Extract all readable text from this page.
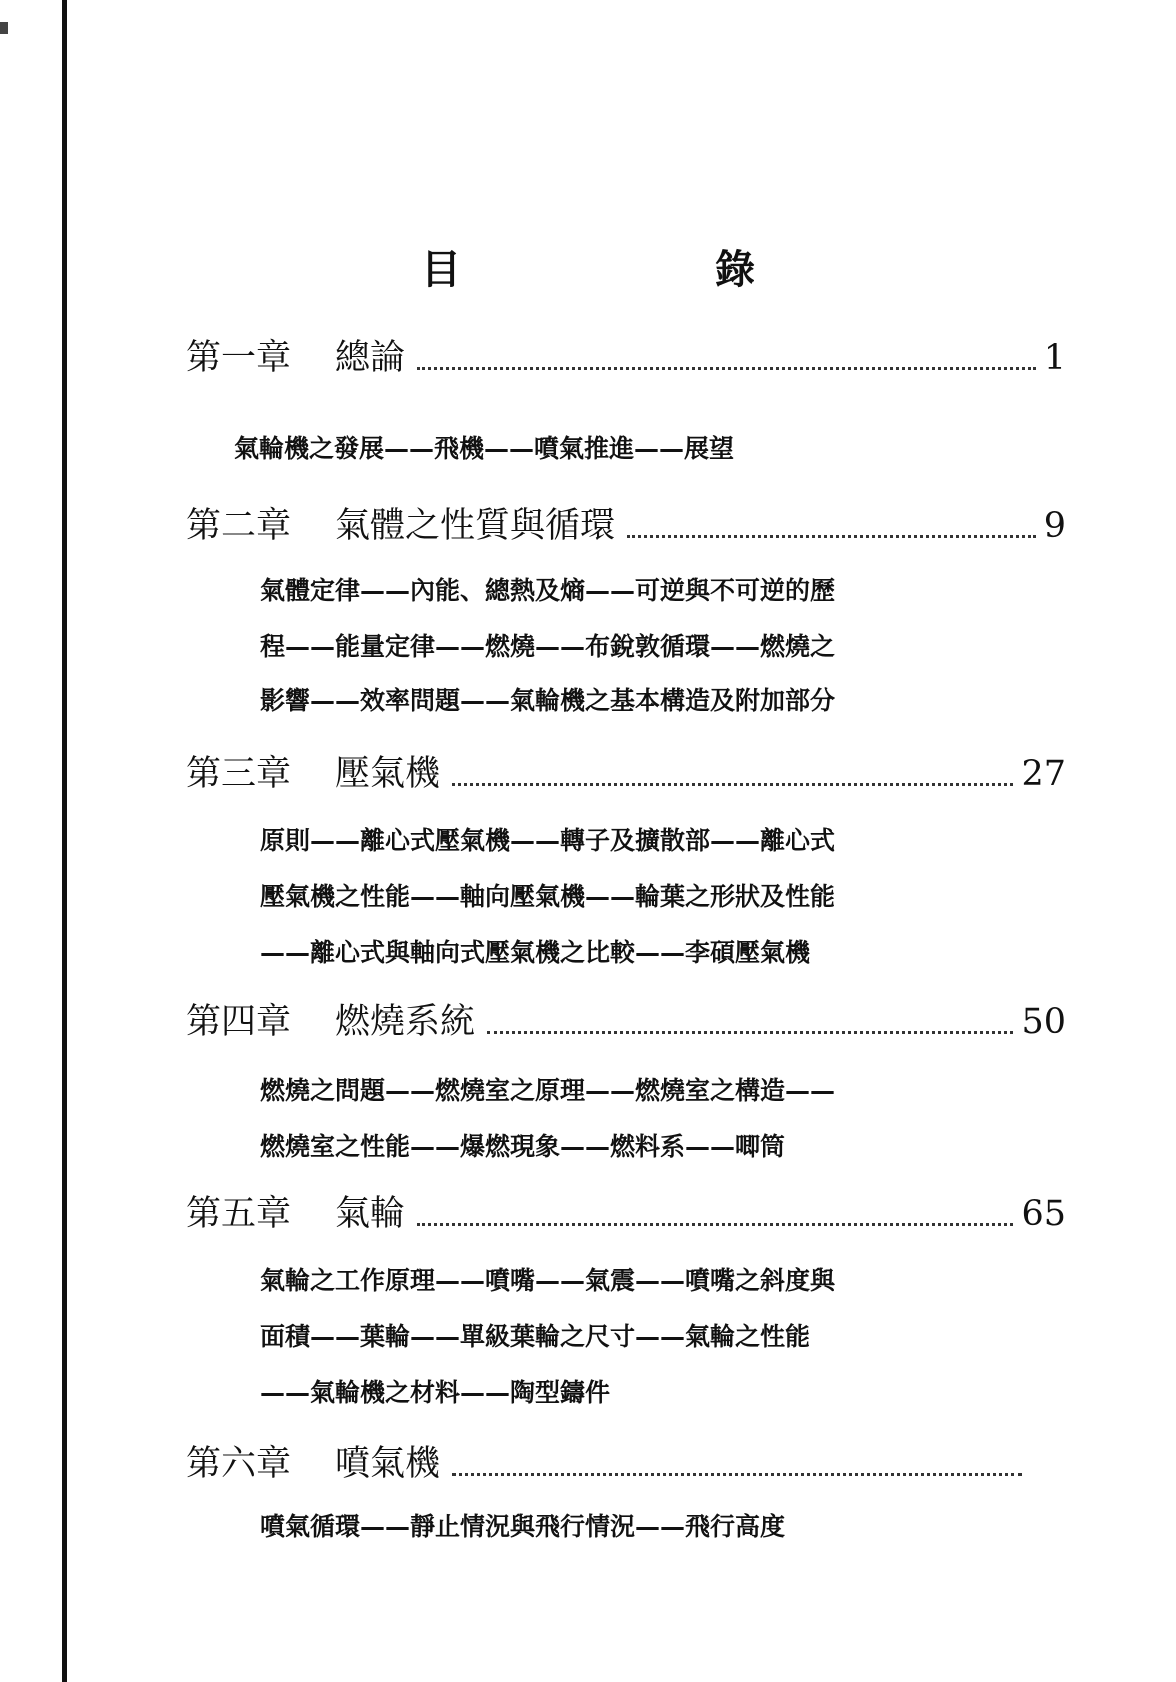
目 錄
第一章 總論	1
氣輪機之發展——飛機——噴氣推進——展望
第二章 氣體之性質與循環	9
氣體定律——內能、總熱及熵——可逆與不可逆的歷
程——能量定律——燃燒——布銳敦循環——燃燒之
影響——效率問題——氣輪機之基本構造及附加部分
第三章 壓氣機	27
原則——離心式壓氣機——轉子及擴散部——離心式
壓氣機之性能——軸向壓氣機——輪葉之形狀及性能
——離心式與軸向式壓氣機之比較——李碩壓氣機
第四章 燃燒系統	50
燃燒之問題——燃燒室之原理——燃燒室之構造——
燃燒室之性能——爆燃現象——燃料系——唧筒
第五章 氣輪	65
氣輪之工作原理——噴嘴——氣震——噴嘴之斜度與
面積——葉輪——單級葉輪之尺寸——氣輪之性能
——氣輪機之材料——陶型鑄件
第六章 噴氣機
噴氣循環——靜止情況與飛行情況——飛行高度
